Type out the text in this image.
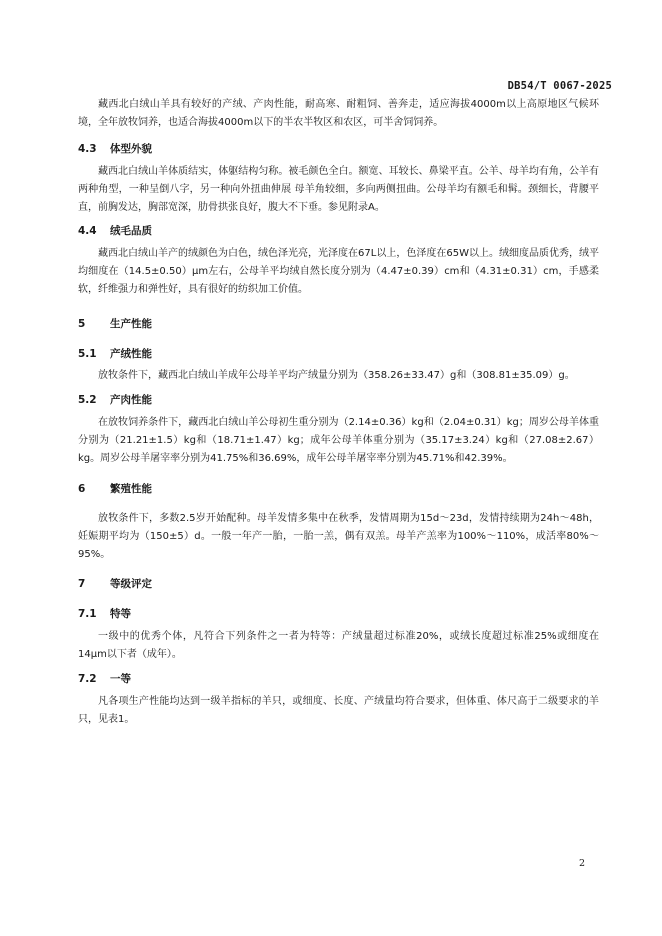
DB54/T 0067-2025

藏西北白绒山羊具有较好的产绒、产肉性能，耐高寒、耐粗饲、善奔走，适应海拔4000m以上高原地区气候环境，全年放牧饲养，也适合海拔4000m以下的半农半牧区和农区，可半舍饲饲养。

4.3 体型外貌

藏西北白绒山羊体质结实，体躯结构匀称。被毛颜色全白。额宽、耳较长、鼻梁平直。公羊、母羊均有角，公羊有两种角型，一种呈倒八字，另一种向外扭曲伸展 母羊角较细，多向两侧扭曲。公母羊均有额毛和髯。颈细长，背腰平直，前胸发达，胸部宽深，肋骨拱张良好，腹大不下垂。参见附录A。

4.4 绒毛品质

藏西北白绒山羊产的绒颜色为白色，绒色泽光亮，光泽度在67L以上，色泽度在65W以上。绒细度品质优秀，绒平均细度在（14.5±0.50）μm左右，公母羊平均绒自然长度分别为（4.47±0.39）cm和（4.31±0.31）cm，手感柔软，纤维强力和弹性好，具有很好的纺织加工价值。

5 生产性能
5.1 产绒性能

放牧条件下，藏西北白绒山羊成年公母羊平均产绒量分别为（358.26±33.47）g和（308.81±35.09）g。

5.2 产肉性能

在放牧饲养条件下，藏西北白绒山羊公母初生重分别为（2.14±0.36）kg和（2.04±0.31）kg；周岁公母羊体重分别为（21.21±1.5）kg和（18.71±1.47）kg；成年公母羊体重分别为（35.17±3.24）kg和（27.08±2.67）kg。周岁公母羊屠宰率分别为41.75%和36.69%，成年公母羊屠宰率分别为45.71%和42.39%。

6 繁殖性能

放牧条件下，多数2.5岁开始配种。母羊发情多集中在秋季，发情周期为15d～23d，发情持续期为24h～48h，妊娠期平均为（150±5）d。一般一年产一胎，一胎一羔，偶有双羔。母羊产羔率为100%～110%，成活率80%～95%。

7 等级评定
7.1 特等

一级中的优秀个体，凡符合下列条件之一者为特等：产绒量超过标准20%，或绒长度超过标准25%或细度在14μm以下者（成年）。

7.2 一等

凡各项生产性能均达到一级羊指标的羊只，或细度、长度、产绒量均符合要求，但体重、体尺高于二级要求的羊只，见表1。

2
